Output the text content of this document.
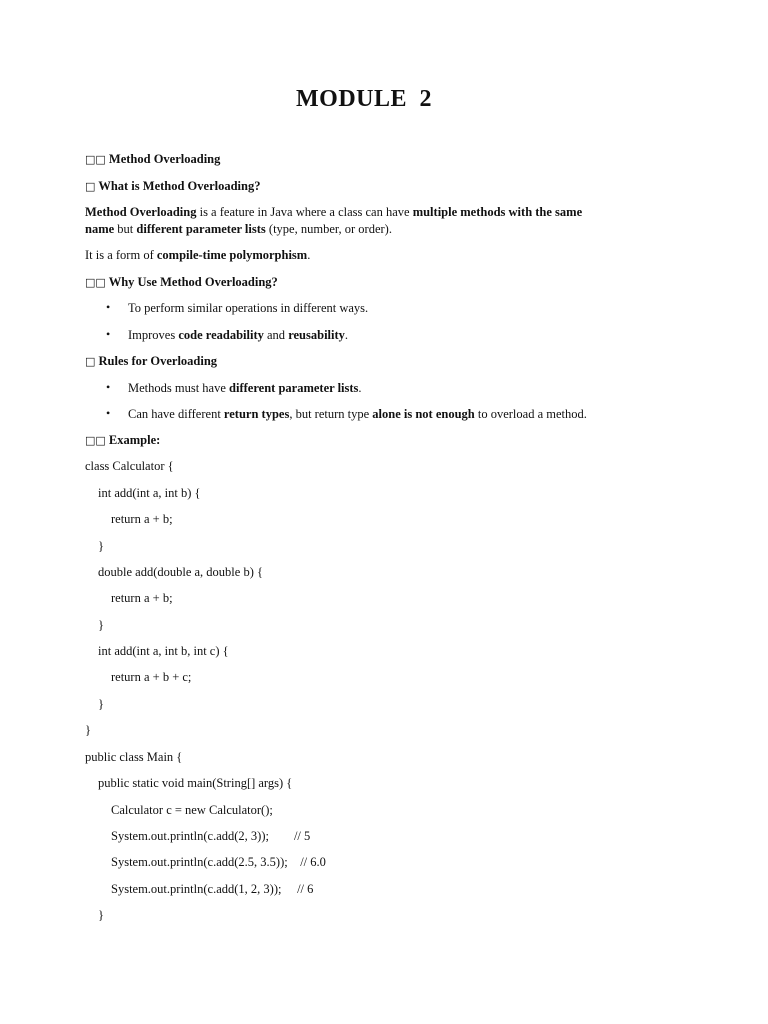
MODULE 2
□□ Method Overloading
□ What is Method Overloading?
Method Overloading is a feature in Java where a class can have multiple methods with the same
name but different parameter lists (type, number, or order).
It is a form of compile-time polymorphism.
□□ Why Use Method Overloading?
• To perform similar operations in different ways.
• Improves code readability and reusability.
□ Rules for Overloading
• Methods must have different parameter lists.
• Can have different return types, but return type alone is not enough to overload a method.
□□ Example:
class Calculator {
int add(int a, int b) {
return a + b;
}
double add(double a, double b) {
return a + b;
}
int add(int a, int b, int c) {
return a + b + c;
}
}
public class Main {
public static void main(String[] args) {
Calculator c = new Calculator();
System.out.println(c.add(2, 3));        // 5
System.out.println(c.add(2.5, 3.5));    // 6.0
System.out.println(c.add(1, 2, 3));     // 6
}
